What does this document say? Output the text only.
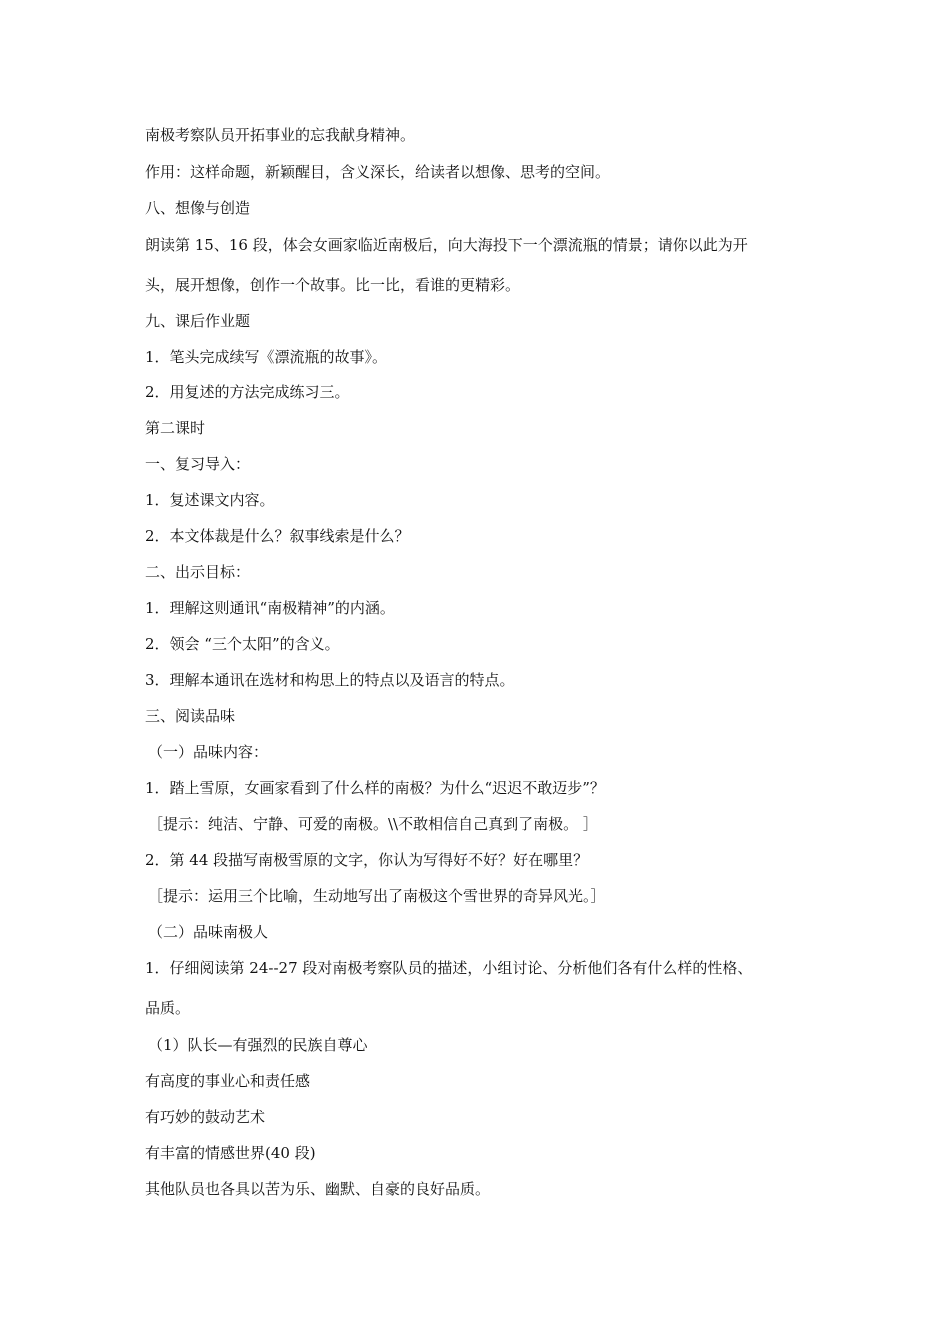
南极考察队员开拓事业的忘我献身精神。
作用：这样命题，新颖醒目，含义深长，给读者以想像、思考的空间。
八、想像与创造
朗读第 15、16 段，体会女画家临近南极后，向大海投下一个漂流瓶的情景；请你以此为开
头，展开想像，创作一个故事。比一比，看谁的更精彩。
九、课后作业题
1．笔头完成续写《漂流瓶的故事》。
2．用复述的方法完成练习三。
第二课时
一、复习导入：
1．复述课文内容。
2．本文体裁是什么？叙事线索是什么？
二、出示目标：
1．理解这则通讯“南极精神”的内涵。
2．领会 “三个太阳”的含义。
3．理解本通讯在选材和构思上的特点以及语言的特点。
三、阅读品味
（一）品味内容：
1．踏上雪原，女画家看到了什么样的南极？为什么“迟迟不敢迈步”？
［提示：纯洁、宁静、可爱的南极。\\不敢相信自己真到了南极。 ］
2．第 44 段描写南极雪原的文字，你认为写得好不好？好在哪里？
［提示：运用三个比喻，生动地写出了南极这个雪世界的奇异风光。］
（二）品味南极人
1．仔细阅读第 24--27 段对南极考察队员的描述，小组讨论、分析他们各有什么样的性格、
品质。
（1）队长—有强烈的民族自尊心
有高度的事业心和责任感
有巧妙的鼓动艺术
有丰富的情感世界(40 段)
其他队员也各具以苦为乐、幽默、自豪的良好品质。
